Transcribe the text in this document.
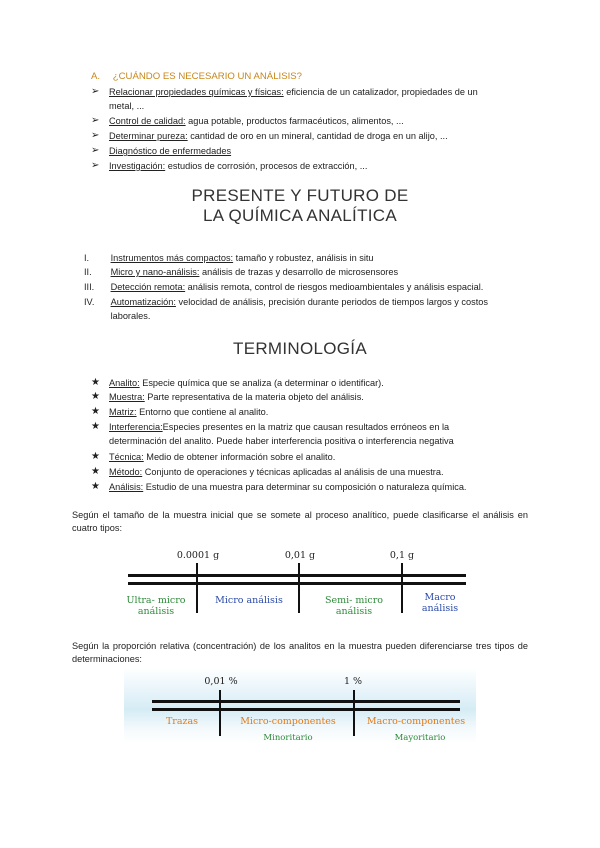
A. ¿CUÁNDO ES NECESARIO UN ANÁLISIS?
➢	Relacionar propiedades químicas y físicas: eficiencia de un catalizador, propiedades de un
metal, ...
➢	Control de calidad: agua potable, productos farmacéuticos, alimentos, ...
➢	Determinar pureza: cantidad de oro en un mineral, cantidad de droga en un alijo, ...
➢	Diagnóstico de enfermedades
➢	Investigación: estudios de corrosión, procesos de extracción, ...
PRESENTE Y FUTURO DE
LA QUÍMICA ANALÍTICA
I. Instrumentos más compactos: tamaño y robustez, análisis in situ
II. Micro y nano-análisis: análisis de trazas y desarrollo de microsensores
III. Detección remota: análisis remota, control de riesgos medioambientales y análisis espacial.
IV. Automatización: velocidad de análisis, precisión durante periodos de tiempos largos y costos
laborales.
TERMINOLOGÍA
★ Analito: Especie química que se analiza (a determinar o identificar).
★ Muestra: Parte representativa de la materia objeto del análisis.
★ Matriz: Entorno que contiene al analito.
★ Interferencia:Especies presentes en la matriz que causan resultados erróneos en la
determinación del analito. Puede haber interferencia positiva o interferencia negativa
★ Técnica: Medio de obtener información sobre el analito.
★ Método: Conjunto de operaciones y técnicas aplicadas al análisis de una muestra.
★ Análisis: Estudio de una muestra para determinar su composición o naturaleza química.
Según el tamaño de la muestra inicial que se somete al proceso analítico, puede clasificarse el análisis en cuatro tipos:
0.0001 g	0,01 g	0,1 g
Ultra- micro
análisis
Micro análisis	Semi- micro
análisis
Macro
análisis
Según la proporción relativa (concentración) de los analitos en la muestra pueden diferenciarse tres tipos de determinaciones:
0,01 %	1 %
Trazas	Micro-componentes	Macro-componentes
Minoritario	Mayoritario
